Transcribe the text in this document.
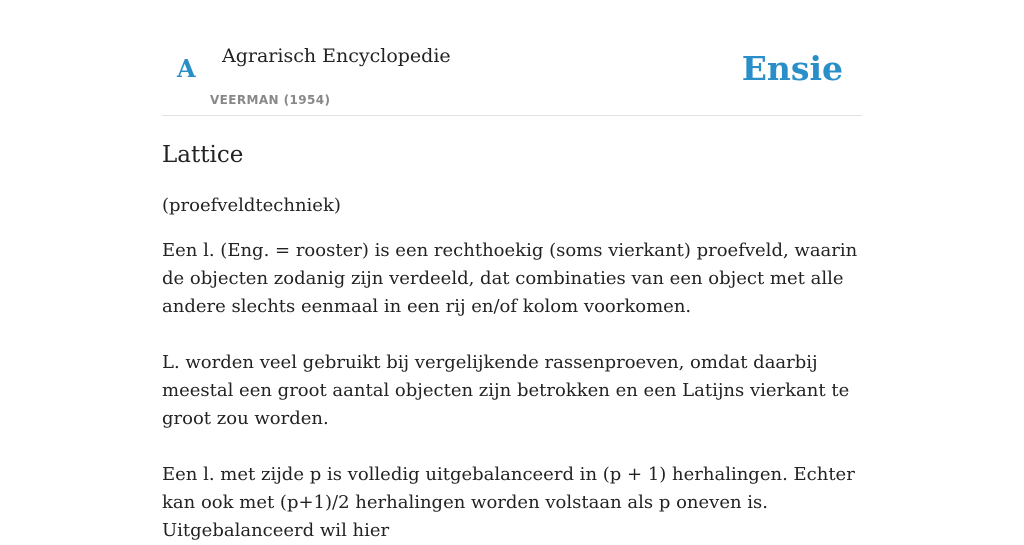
A Agrarisch Encyclopedie
VEERMAN (1954)
Ensie
Lattice

(proefveldtechniek)

Een l. (Eng. = rooster) is een rechthoekig (soms vierkant) proefveld, waarin de objecten zodanig zijn verdeeld, dat combinaties van een object met alle andere slechts eenmaal in een rij en/of kolom voorkomen.

L. worden veel gebruikt bij vergelijkende rassenproeven, omdat daarbij meestal een groot aantal objecten zijn betrokken en een Latijns vierkant te groot zou worden.

Een l. met zijde p is volledig uitgebalanceerd in (p + 1) herhalingen. Echter kan ook met (p+1)/2 herhalingen worden volstaan als p oneven is. Uitgebalanceerd wil hier
